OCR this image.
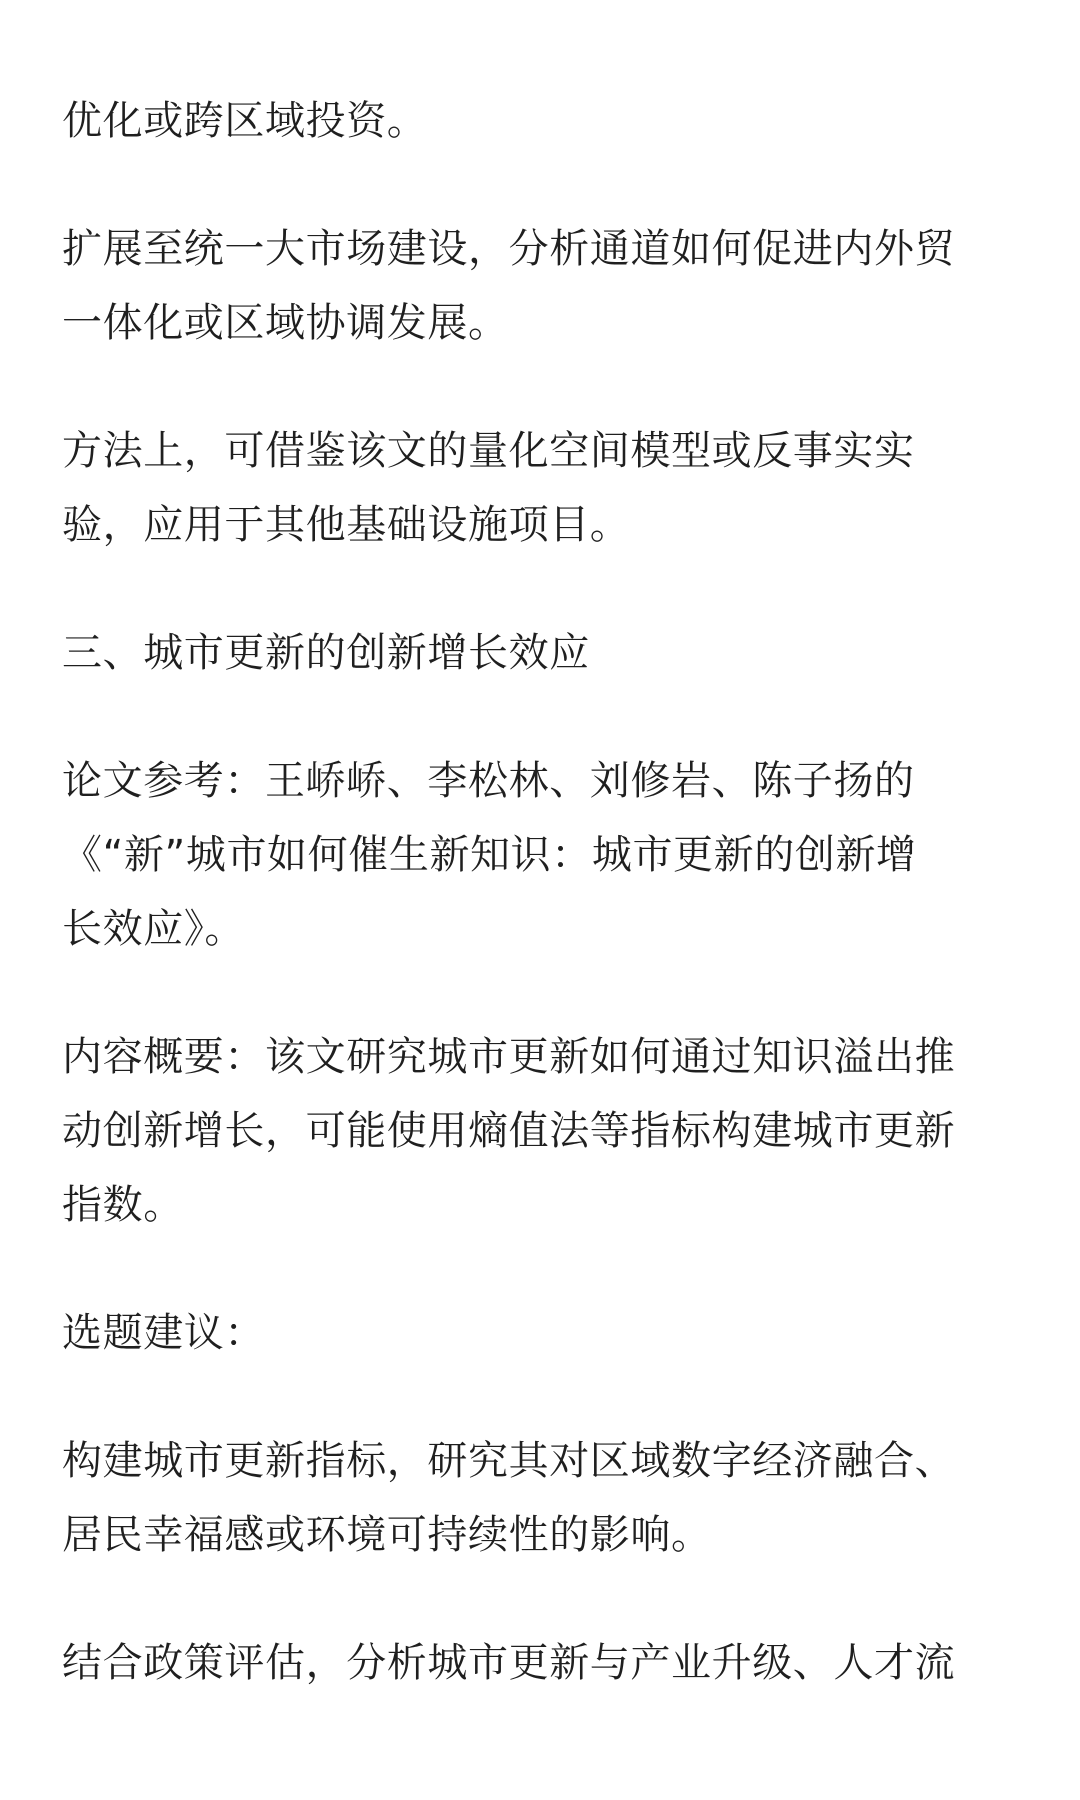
优化或跨区域投资。

扩展至统一大市场建设，分析通道如何促进内外贸
一体化或区域协调发展。

方法上，可借鉴该文的量化空间模型或反事实实
验，应用于其他基础设施项目。

三、城市更新的创新增长效应

论文参考：王峤峤、李松林、刘修岩、陈子扬的
《“新”城市如何催生新知识：城市更新的创新增
长效应》。

内容概要：该文研究城市更新如何通过知识溢出推
动创新增长，可能使用熵值法等指标构建城市更新
指数。

选题建议：

构建城市更新指标，研究其对区域数字经济融合、
居民幸福感或环境可持续性的影响。

结合政策评估，分析城市更新与产业升级、人才流
